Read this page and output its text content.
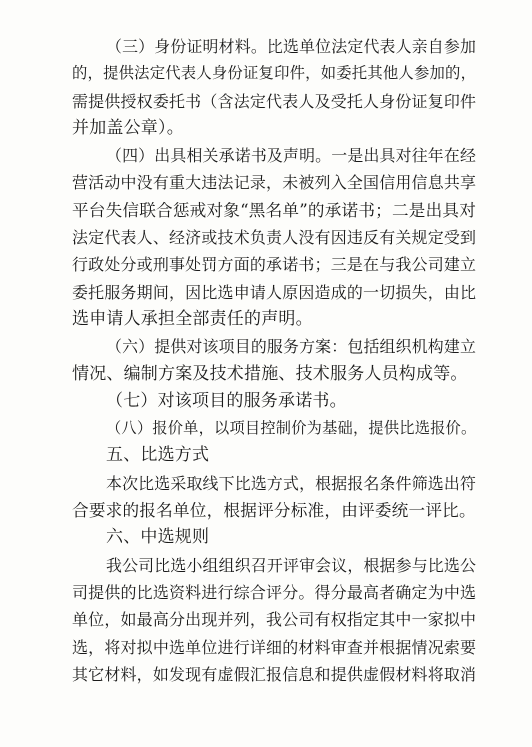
（三）身份证明材料。比选单位法定代表人亲自参加
的，提供法定代表人身份证复印件，如委托其他人参加的，
需提供授权委托书（含法定代表人及受托人身份证复印件
并加盖公章）。

（四）出具相关承诺书及声明。一是出具对往年在经
营活动中没有重大违法记录，未被列入全国信用信息共享
平台失信联合惩戒对象“黑名单”的承诺书；二是出具对
法定代表人、经济或技术负责人没有因违反有关规定受到
行政处分或刑事处罚方面的承诺书；三是在与我公司建立
委托服务期间，因比选申请人原因造成的一切损失，由比
选申请人承担全部责任的声明。

（六）提供对该项目的服务方案：包括组织机构建立
情况、编制方案及技术措施、技术服务人员构成等。

（七）对该项目的服务承诺书。

（八）报价单，以项目控制价为基础，提供比选报价。

五、比选方式

本次比选采取线下比选方式，根据报名条件筛选出符
合要求的报名单位，根据评分标准，由评委统一评比。

六、中选规则

我公司比选小组组织召开评审会议，根据参与比选公
司提供的比选资料进行综合评分。得分最高者确定为中选
单位，如最高分出现并列，我公司有权指定其中一家拟中
选，将对拟中选单位进行详细的材料审查并根据情况索要
其它材料，如发现有虚假汇报信息和提供虚假材料将取消
